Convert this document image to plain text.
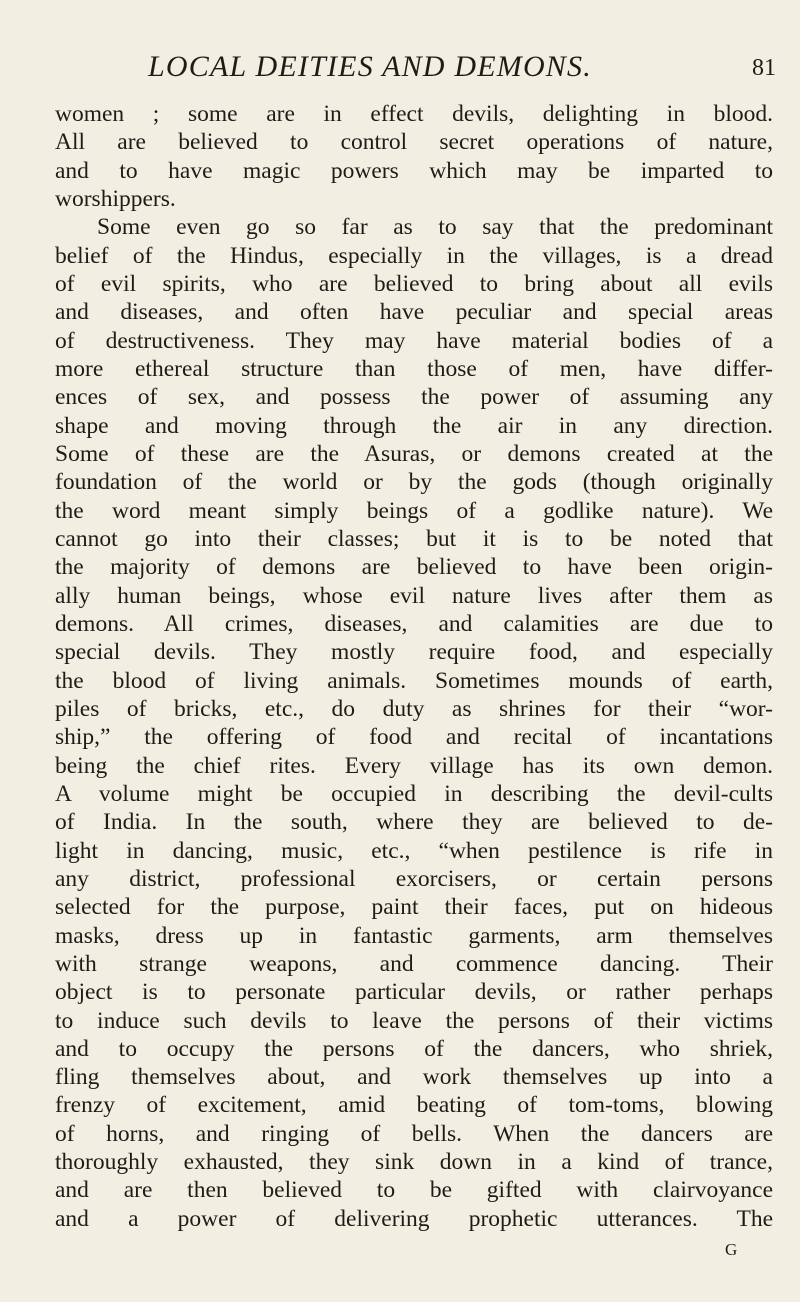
LOCAL DEITIES AND DEMONS.	81
women ; some are in effect devils, delighting in blood.
All are believed to control secret operations of nature,
and to have magic powers which may be imparted to
worshippers.
Some even go so far as to say that the predominant
belief of the Hindus, especially in the villages, is a dread
of evil spirits, who are believed to bring about all evils
and diseases, and often have peculiar and special areas
of destructiveness. They may have material bodies of a
more ethereal structure than those of men, have differ-
ences of sex, and possess the power of assuming any
shape and moving through the air in any direction.
Some of these are the Asuras, or demons created at the
foundation of the world or by the gods (though originally
the word meant simply beings of a godlike nature). We
cannot go into their classes; but it is to be noted that
the majority of demons are believed to have been origin-
ally human beings, whose evil nature lives after them as
demons. All crimes, diseases, and calamities are due to
special devils. They mostly require food, and especially
the blood of living animals. Sometimes mounds of earth,
piles of bricks, etc., do duty as shrines for their “wor-
ship,” the offering of food and recital of incantations
being the chief rites. Every village has its own demon.
A volume might be occupied in describing the devil-cults
of India. In the south, where they are believed to de-
light in dancing, music, etc., “when pestilence is rife in
any district, professional exorcisers, or certain persons
selected for the purpose, paint their faces, put on hideous
masks, dress up in fantastic garments, arm themselves
with strange weapons, and commence dancing. Their
object is to personate particular devils, or rather perhaps
to induce such devils to leave the persons of their victims
and to occupy the persons of the dancers, who shriek,
fling themselves about, and work themselves up into a
frenzy of excitement, amid beating of tom-toms, blowing
of horns, and ringing of bells. When the dancers are
thoroughly exhausted, they sink down in a kind of trance,
and are then believed to be gifted with clairvoyance
and a power of delivering prophetic utterances. The
G
